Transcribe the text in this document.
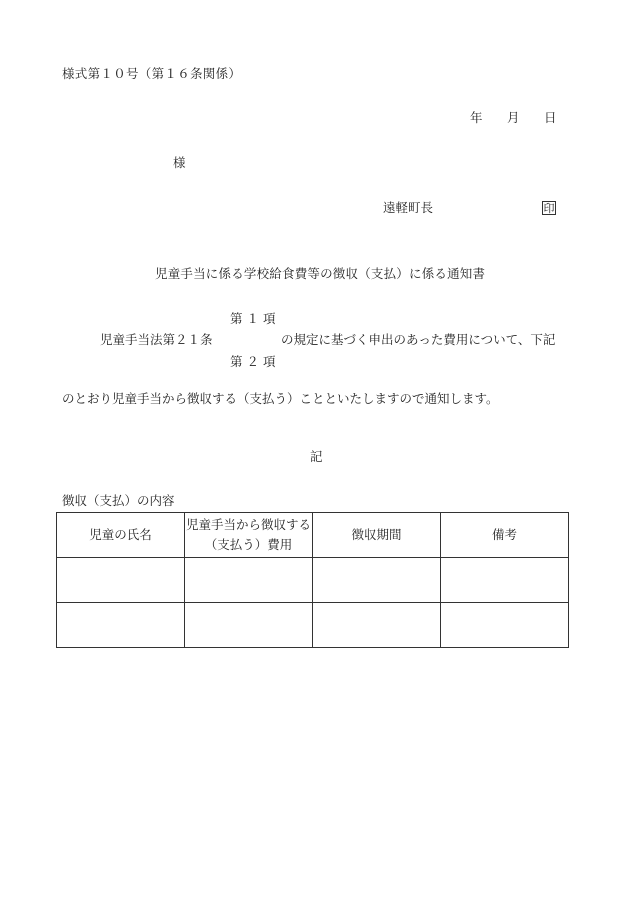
様式第１０号（第１６条関係）
年 月 日
様
遠軽町長	印
児童手当に係る学校給食費等の徴収（支払）に係る通知書
第 １ 項
児童手当法第２１条	の規定に基づく申出のあった費用について、下記
第 ２ 項
のとおり児童手当から徴収する（支払う）ことといたしますので通知します。
記
徴収（支払）の内容
児童の氏名	児童手当から徴収する（支払う）費用	徴収期間	備考
